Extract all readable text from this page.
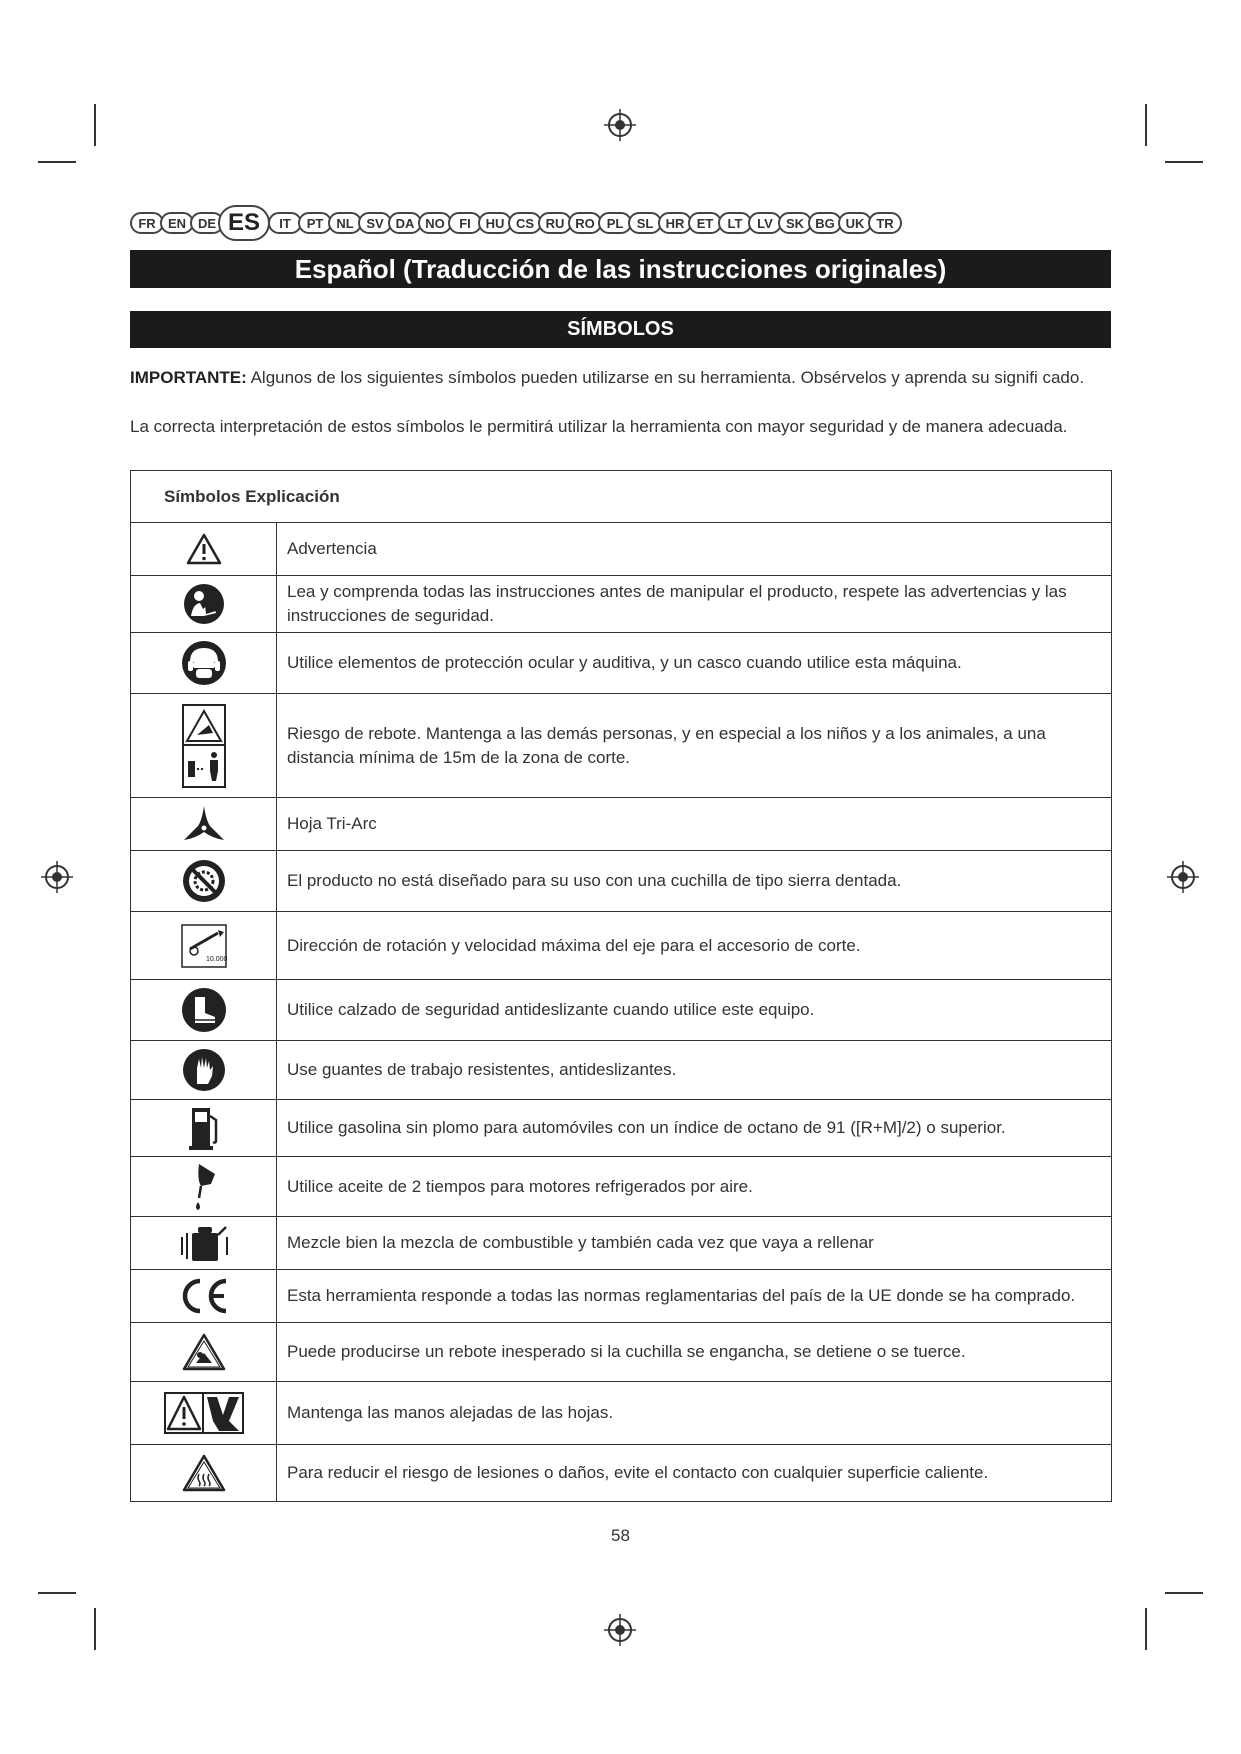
FR EN DE ES	IT	PT	NL SV DA NO	FI	HU CS RU RO PL	SL HR ET	LT	LV	SK BG UK TR
Español (Traducción de las instrucciones originales)
SÍMBOLOS
IMPORTANTE: Algunos de los siguientes símbolos pueden utilizarse en su herramienta. Obsérvelos y aprenda su signifi cado.
La correcta interpretación de estos símbolos le permitirá utilizar la herramienta con mayor seguridad y de manera adecuada.
Símbolos Explicación	

	Advertencia

	Lea y comprenda todas las instrucciones antes de manipular el producto, respete las advertencias y las instrucciones de seguridad.

	Utilice elementos de protección ocular y auditiva, y un casco cuando utilice esta máquina.

	Riesgo de rebote. Mantenga a las demás personas, y en especial a los niños y a los animales, a una distancia mínima de 15m de la zona de corte.

	Hoja Tri-Arc

	El producto no está diseñado para su uso con una cuchilla de tipo sierra dentada.

10.000	Dirección de rotación y velocidad máxima del eje para el accesorio de corte.

	Utilice calzado de seguridad antideslizante cuando utilice este equipo.

	Use guantes de trabajo resistentes, antideslizantes.

	Utilice gasolina sin plomo para automóviles con un índice de octano de 91 ([R+M]/2) o superior.

	Utilice aceite de 2 tiempos para motores refrigerados por aire.

	Mezcle bien la mezcla de combustible y también cada vez que vaya a rellenar

	Esta herramienta responde a todas las normas reglamentarias del país de la UE donde se ha comprado.

	Puede producirse un rebote inesperado si la cuchilla se engancha, se detiene o se tuerce.

	Mantenga las manos alejadas de las hojas.

	Para reducir el riesgo de lesiones o daños, evite el contacto con cualquier superficie caliente.
58
